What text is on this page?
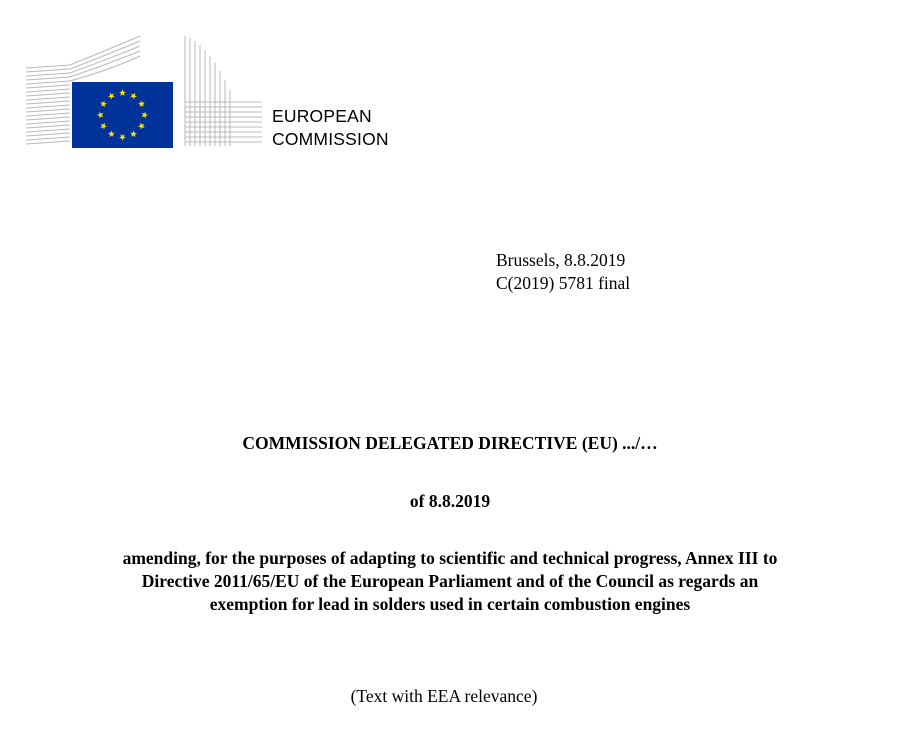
EUROPEAN
COMMISSION
Brussels, 8.8.2019
C(2019) 5781 final
COMMISSION DELEGATED DIRECTIVE (EU) .../…
of 8.8.2019
amending, for the purposes of adapting to scientific and technical progress, Annex III to
Directive 2011/65/EU of the European Parliament and of the Council as regards an
exemption for lead in solders used in certain combustion engines
(Text with EEA relevance)
